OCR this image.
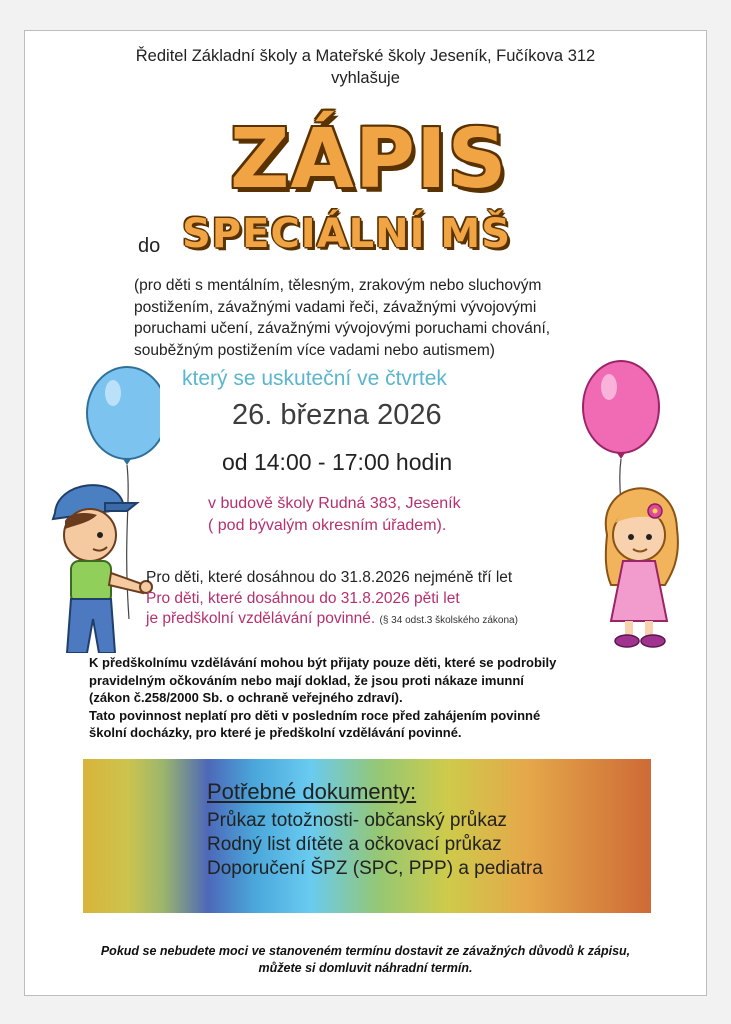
Ředitel Základní školy a Mateřské školy Jeseník, Fučíkova 312
vyhlašuje
ZÁPIS
do SPECIÁLNÍ MŠ
(pro děti s mentálním, tělesným, zrakovým nebo sluchovým
postižením, závažnými vadami řeči, závažnými vývojovými
poruchami učení, závažnými vývojovými poruchami chování,
souběžným postižením více vadami nebo autismem)
který se uskuteční ve čtvrtek
26. března 2026
od 14:00 - 17:00 hodin
v budově školy Rudná 383, Jeseník
( pod bývalým okresním úřadem).
Pro děti, které dosáhnou do 31.8.2026 nejméně tří let
Pro děti, které dosáhnou do 31.8.2026 pěti let
je předškolní vzdělávání povinné. (§ 34 odst.3 školského zákona)
K předškolnímu vzdělávání mohou být přijaty pouze děti, které se podrobily
pravidelným očkováním nebo mají doklad, že jsou proti nákaze imunní
(zákon č.258/2000 Sb. o ochraně veřejného zdraví).
Tato povinnost neplatí pro děti v posledním roce před zahájením povinné
školní docházky, pro které je předškolní vzdělávání povinné.
Potřebné dokumenty:
Průkaz totožnosti- občanský průkaz
Rodný list dítěte a očkovací průkaz
Doporučení ŠPZ (SPC, PPP) a pediatra
Pokud se nebudete moci ve stanoveném termínu dostavit ze závažných důvodů k zápisu,
můžete si domluvit náhradní termín.
